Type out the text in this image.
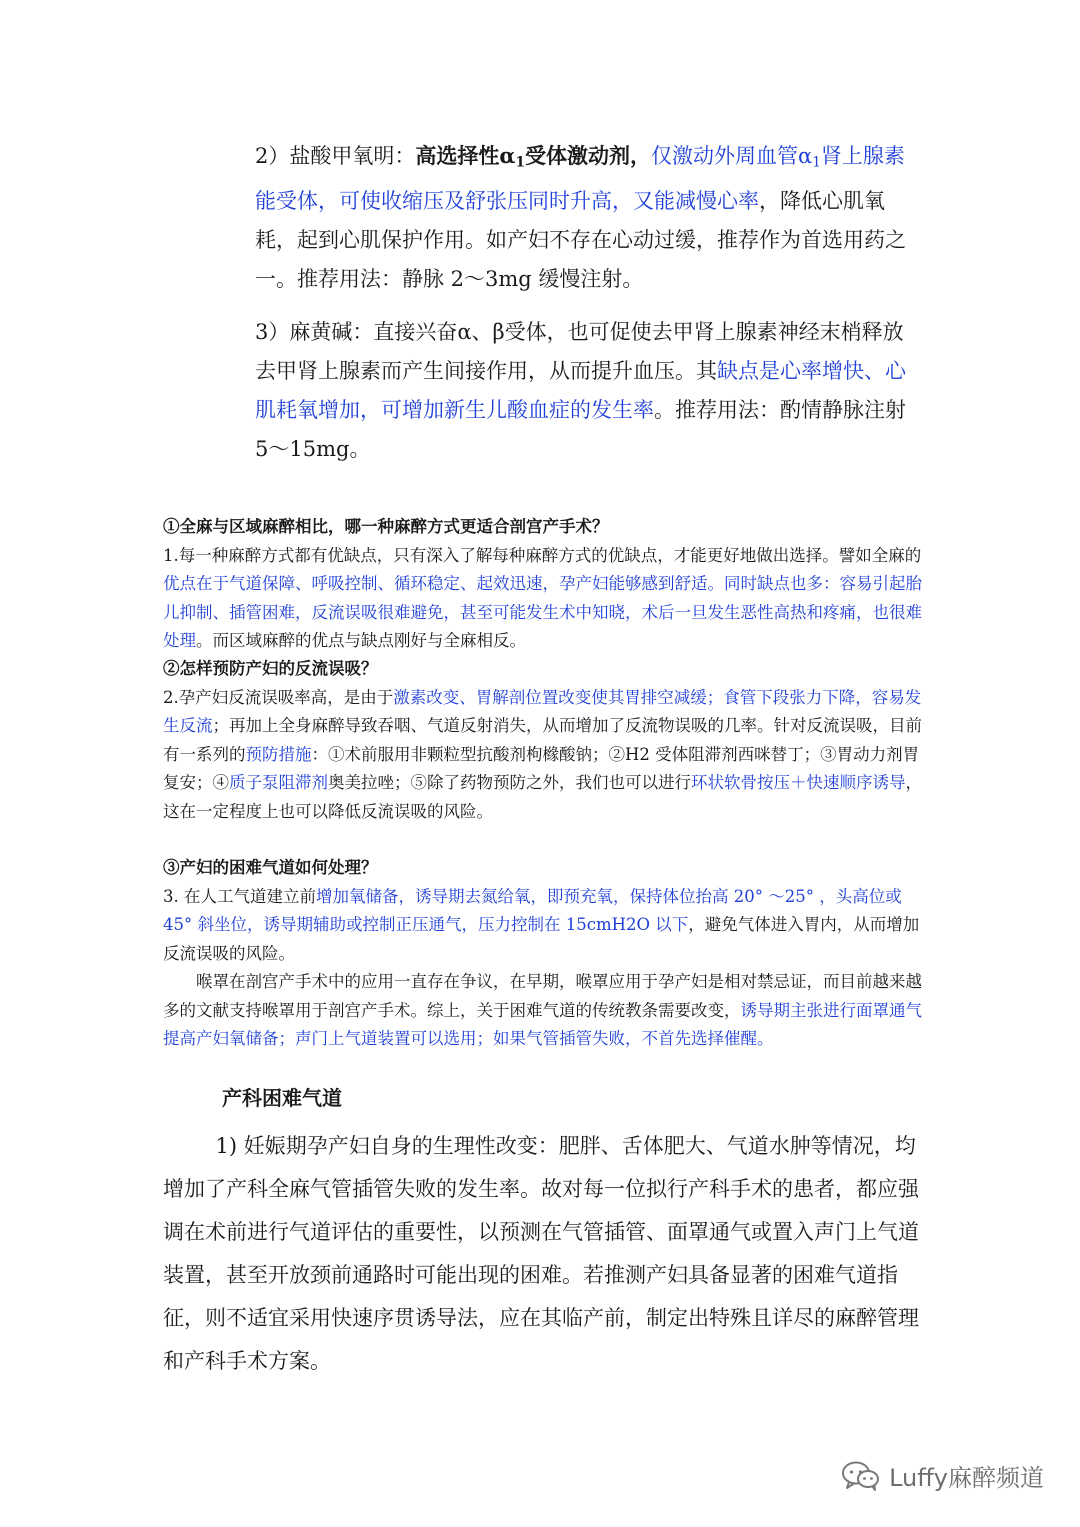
2）盐酸甲氧明：高选择性$\alpha_1$受体激动剂，仅激动外周血管$\alpha_1$肾上腺素能受体，可使收缩压及舒张压同时升高，又能减慢心率，降低心肌氧耗，起到心肌保护作用。如产妇不存在心动过缓，推荐作为首选用药之一。推荐用法：静脉 2～3mg 缓慢注射。
3）麻黄碱：直接兴奋α、β受体，也可促使去甲肾上腺素神经末梢释放去甲肾上腺素而产生间接作用，从而提升血压。其缺点是心率增快、心肌耗氧增加，可增加新生儿酸血症的发生率。推荐用法：酌情静脉注射 5～15mg。
①全麻与区域麻醉相比，哪一种麻醉方式更适合剖宫产手术？
1.每一种麻醉方式都有优缺点，只有深入了解每种麻醉方式的优缺点，才能更好地做出选择。譬如全麻的优点在于气道保障、呼吸控制、循环稳定、起效迅速，孕产妇能够感到舒适。同时缺点也多：容易引起胎儿抑制、插管困难，反流误吸很难避免，甚至可能发生术中知晓，术后一旦发生恶性高热和疼痛，也很难处理。而区域麻醉的优点与缺点刚好与全麻相反。
②怎样预防产妇的反流误吸？
2.孕产妇反流误吸率高，是由于激素改变、胃解剖位置改变使其胃排空减缓；食管下段张力下降，容易发生反流；再加上全身麻醉导致吞咽、气道反射消失，从而增加了反流物误吸的几率。针对反流误吸，目前有一系列的预防措施：①术前服用非颗粒型抗酸剂枸橼酸钠；②H2 受体阻滞剂西咪替丁；③胃动力剂胃复安；④质子泵阻滞剂奥美拉唑；⑤除了药物预防之外，我们也可以进行环状软骨按压＋快速顺序诱导，这在一定程度上也可以降低反流误吸的风险。
③产妇的困难气道如何处理？
3. 在人工气道建立前增加氧储备，诱导期去氮给氧，即预充氧，保持体位抬高 20° ～25° ，头高位或 45° 斜坐位，诱导期辅助或控制正压通气，压力控制在 15cmH2O 以下，避免气体进入胃内，从而增加反流误吸的风险。
喉罩在剖宫产手术中的应用一直存在争议，在早期，喉罩应用于孕产妇是相对禁忌证，而目前越来越多的文献支持喉罩用于剖宫产手术。综上，关于困难气道的传统教条需要改变，诱导期主张进行面罩通气提高产妇氧储备；声门上气道装置可以选用；如果气管插管失败，不首先选择催醒。
产科困难气道
1) 妊娠期孕产妇自身的生理性改变：肥胖、舌体肥大、气道水肿等情况，均增加了产科全麻气管插管失败的发生率。故对每一位拟行产科手术的患者，都应强调在术前进行气道评估的重要性，以预测在气管插管、面罩通气或置入声门上气道装置，甚至开放颈前通路时可能出现的困难。若推测产妇具备显著的困难气道指征，则不适宜采用快速序贯诱导法，应在其临产前，制定出特殊且详尽的麻醉管理和产科手术方案。
Luffy麻醉频道
